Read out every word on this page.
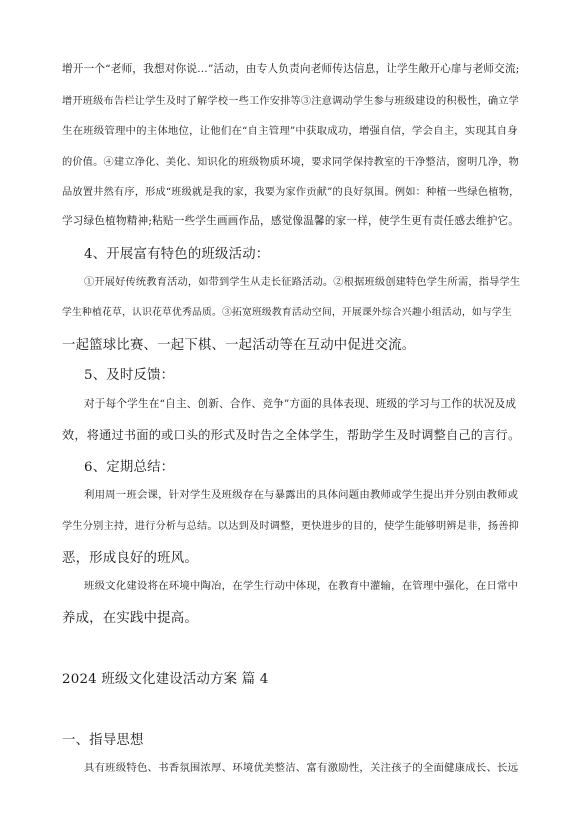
增开一个“老师，我想对你说…”活动，由专人负责向老师传达信息，让学生敞开心扉与老师交流;
增开班级布告栏让学生及时了解学校一些工作安排等③注意调动学生参与班级建设的积极性，确立学
生在班级管理中的主体地位，让他们在“自主管理”中获取成功，增强自信，学会自主，实现其自身
的价值。④建立净化、美化、知识化的班级物质环境，要求同学保持教室的干净整洁，窗明几净，物
品放置井然有序，形成“班级就是我的家，我要为家作贡献”的良好氛围。例如：种植一些绿色植物，
学习绿色植物精神;粘贴一些学生画画作品，感觉像温馨的家一样，使学生更有责任感去维护它。
4、开展富有特色的班级活动：
①开展好传统教育活动，如带到学生从走长征路活动。②根据班级创建特色学生所需，指导学生
学生种植花草，认识花草优秀品质。③拓宽班级教育活动空间，开展课外综合兴趣小组活动，如与学生
一起篮球比赛、一起下棋、一起活动等在互动中促进交流。
5、及时反馈：
对于每个学生在“自主、创新、合作、竞争”方面的具体表现、班级的学习与工作的状况及成
效，将通过书面的或口头的形式及时告之全体学生，帮助学生及时调整自己的言行。
6、定期总结：
利用周一班会课，针对学生及班级存在与暴露出的具体问题由教师或学生提出并分别由教师或
学生分别主持，进行分析与总结。以达到及时调整，更快进步的目的，使学生能够明辨是非，扬善抑
恶，形成良好的班风。
班级文化建设将在环境中陶冶，在学生行动中体现，在教育中灌输，在管理中强化，在日常中
养成，在实践中提高。
2024 班级文化建设活动方案 篇 4
一、指导思想
具有班级特色、书香氛围浓厚、环境优美整洁、富有激励性，关注孩子的全面健康成长、长远
